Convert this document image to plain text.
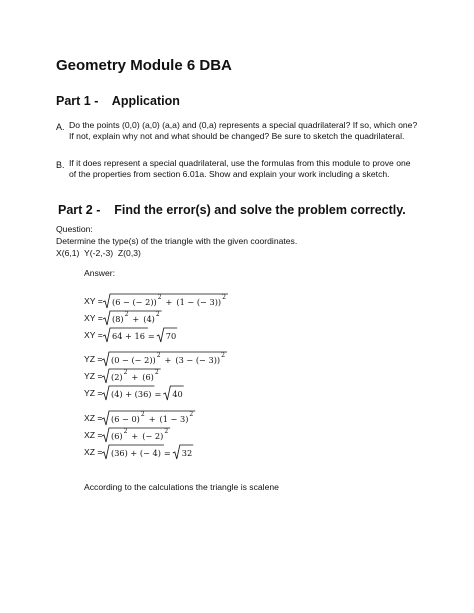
Geometry Module 6 DBA
Part 1 -    Application
A. Do the points (0,0) (a,0) (a,a) and (0,a) represents a special quadrilateral? If so, which one?
If not, explain why not and what should be changed? Be sure to sketch the quadrilateral.
B. If it does represent a special quadrilateral, use the formulas from this module to prove one
of the properties from section 6.01a. Show and explain your work including a sketch.
Part 2 -    Find the error(s) and solve the problem correctly.
Question:
Determine the type(s) of the triangle with the given coordinates.
X(6,1)  Y(-2,-3)  Z(0,3)
Answer:
XY = (6 − (− 2)) 2 + (1 − (− 3)) 2
XY = (8) 2 + (4) 2
XY = 64 + 16 = 70
YZ = (0 − (− 2)) 2 + (3 − (− 3)) 2
YZ = (2) 2 + (6) 2
YZ = (4) + (36) = 40
XZ = (6 − 0) 2 + (1 − 3) 2
XZ = (6) 2 + (− 2) 2
XZ = (36) + (− 4) = 32
According to the calculations the triangle is scalene
